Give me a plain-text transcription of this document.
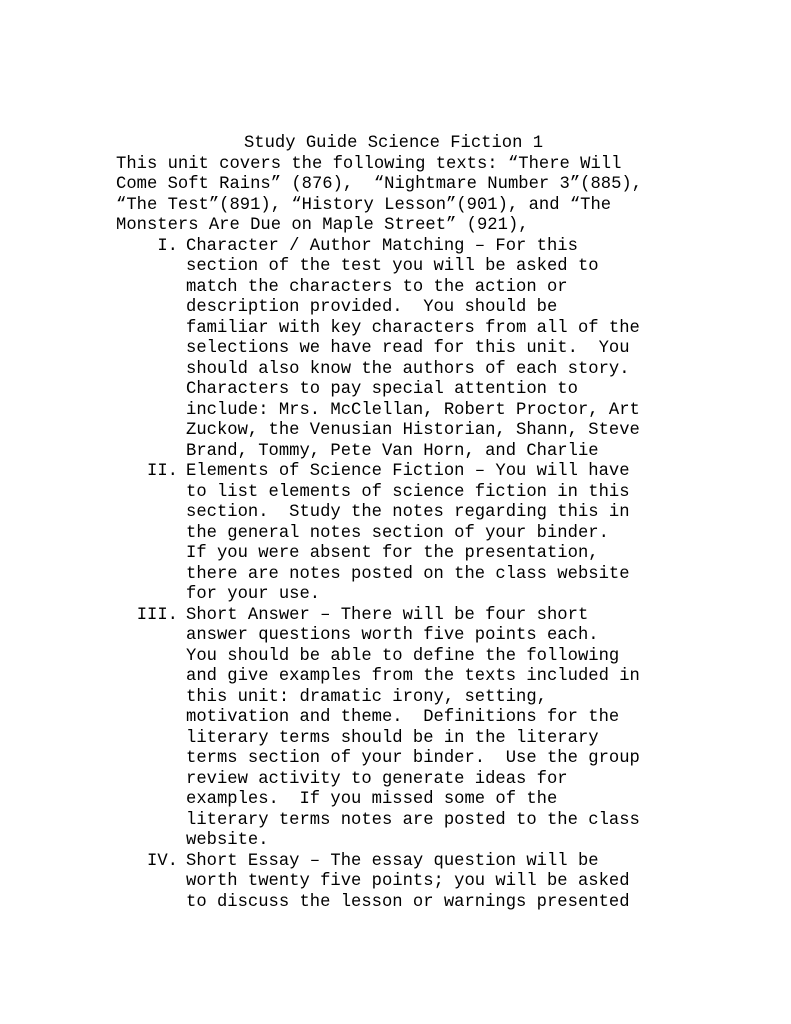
Study Guide Science Fiction 1
This unit covers the following texts: “There Will
Come Soft Rains” (876),  “Nightmare Number 3”(885),
“The Test”(891), “History Lesson”(901), and “The
Monsters Are Due on Maple Street” (921),
I. Character / Author Matching – For this
section of the test you will be asked to
match the characters to the action or
description provided.  You should be
familiar with key characters from all of the
selections we have read for this unit.  You
should also know the authors of each story.
Characters to pay special attention to
include: Mrs. McClellan, Robert Proctor, Art
Zuckow, the Venusian Historian, Shann, Steve
Brand, Tommy, Pete Van Horn, and Charlie
II. Elements of Science Fiction – You will have
to list elements of science fiction in this
section.  Study the notes regarding this in
the general notes section of your binder.
If you were absent for the presentation,
there are notes posted on the class website
for your use.
III. Short Answer – There will be four short
answer questions worth five points each.
You should be able to define the following
and give examples from the texts included in
this unit: dramatic irony, setting,
motivation and theme.  Definitions for the
literary terms should be in the literary
terms section of your binder.  Use the group
review activity to generate ideas for
examples.  If you missed some of the
literary terms notes are posted to the class
website.
IV. Short Essay – The essay question will be
worth twenty five points; you will be asked
to discuss the lesson or warnings presented
